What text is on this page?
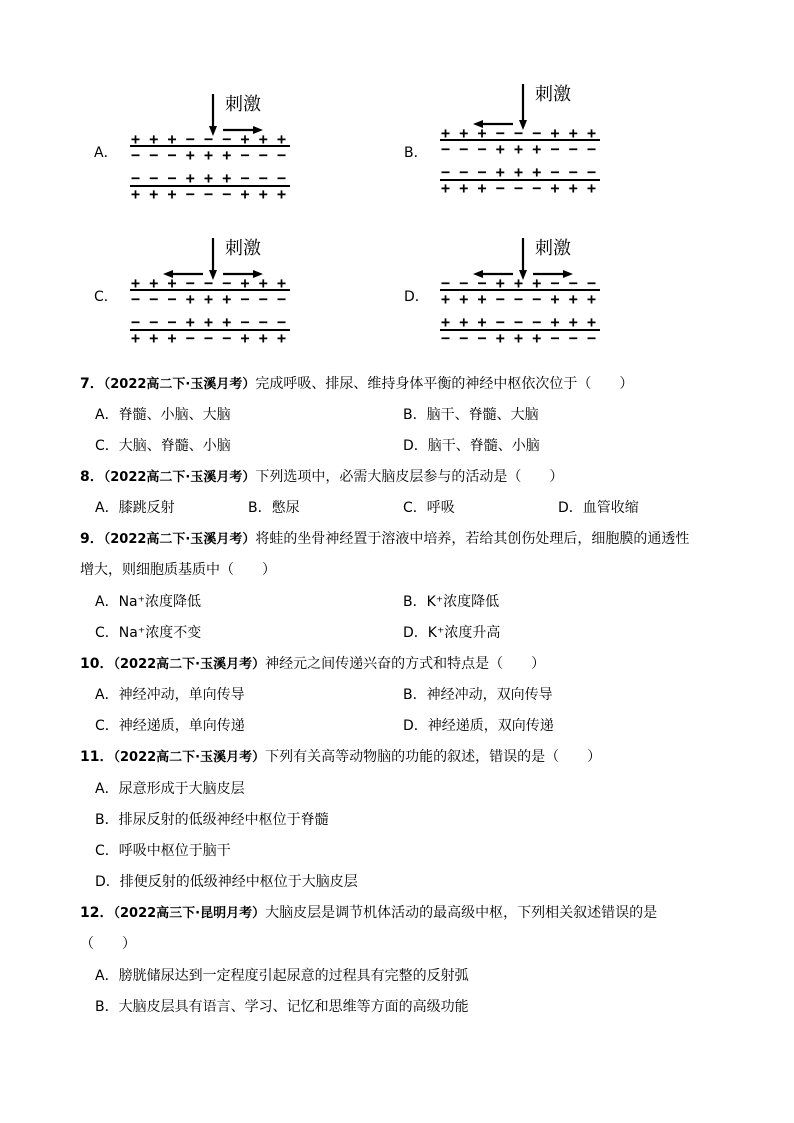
A．
刺激
+++−−−+++
−−−+++−−−
−−−+++−−−
+++−−−+++
B．
刺激
+++−−−+++
−−−+++−−−
−−−+++−−−
+++−−−+++
C．
刺激
+++−−−+++
−−−+++−−−
−−−+++−−−
+++−−−+++
D．
刺激
−−−+++−−−
+++−−−+++
+++−−−+++
−−−+++−−−
7．（2022高二下·玉溪月考）完成呼吸、排尿、维持身体平衡的神经中枢依次位于（　　）
A．脊髓、小脑、大脑	B．脑干、脊髓、大脑
C．大脑、脊髓、小脑	D．脑干、脊髓、小脑
8．（2022高二下·玉溪月考）下列选项中，必需大脑皮层参与的活动是（　　）
A．膝跳反射	B．憋尿	C．呼吸	D．血管收缩
9．（2022高二下·玉溪月考）将蛙的坐骨神经置于溶液中培养，若给其创伤处理后，细胞膜的通透性
增大，则细胞质基质中（　　）
A．Na⁺浓度降低	B．K⁺浓度降低
C．Na⁺浓度不变	D．K⁺浓度升高
10．（2022高二下·玉溪月考）神经元之间传递兴奋的方式和特点是（　　）
A．神经冲动，单向传导	B．神经冲动，双向传导
C．神经递质，单向传递	D．神经递质，双向传递
11．（2022高二下·玉溪月考）下列有关高等动物脑的功能的叙述，错误的是（　　）
A．尿意形成于大脑皮层
B．排尿反射的低级神经中枢位于脊髓
C．呼吸中枢位于脑干
D．排便反射的低级神经中枢位于大脑皮层
12．（2022高三下·昆明月考）大脑皮层是调节机体活动的最高级中枢，下列相关叙述错误的是
（　　）
A．膀胱储尿达到一定程度引起尿意的过程具有完整的反射弧
B．大脑皮层具有语言、学习、记忆和思维等方面的高级功能
